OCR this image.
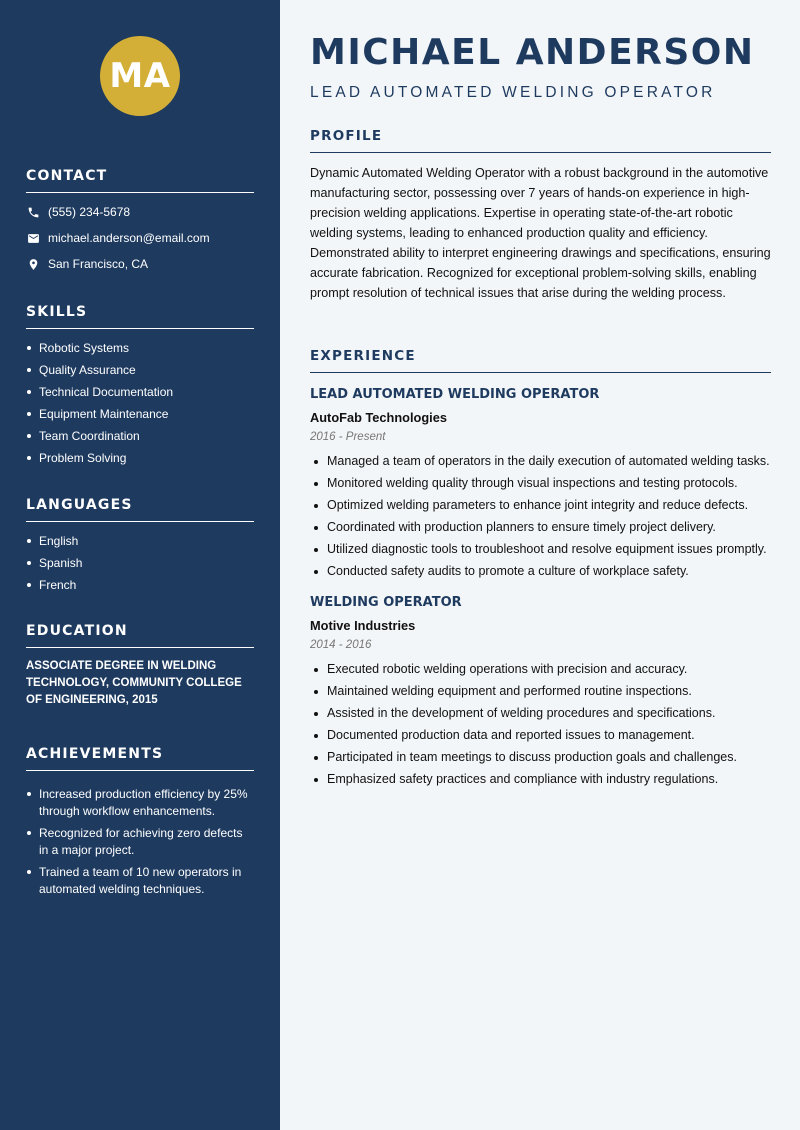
MA
CONTACT
(555) 234-5678
michael.anderson@email.com
San Francisco, CA
SKILLS
Robotic Systems
Quality Assurance
Technical Documentation
Equipment Maintenance
Team Coordination
Problem Solving
LANGUAGES
English
Spanish
French
EDUCATION
ASSOCIATE DEGREE IN WELDING TECHNOLOGY, COMMUNITY COLLEGE OF ENGINEERING, 2015
ACHIEVEMENTS
Increased production efficiency by 25% through workflow enhancements.
Recognized for achieving zero defects in a major project.
Trained a team of 10 new operators in automated welding techniques.
MICHAEL ANDERSON
LEAD AUTOMATED WELDING OPERATOR
PROFILE
Dynamic Automated Welding Operator with a robust background in the automotive manufacturing sector, possessing over 7 years of hands-on experience in high-precision welding applications. Expertise in operating state-of-the-art robotic welding systems, leading to enhanced production quality and efficiency. Demonstrated ability to interpret engineering drawings and specifications, ensuring accurate fabrication. Recognized for exceptional problem-solving skills, enabling prompt resolution of technical issues that arise during the welding process.
EXPERIENCE
LEAD AUTOMATED WELDING OPERATOR
AutoFab Technologies
2016 - Present
Managed a team of operators in the daily execution of automated welding tasks.
Monitored welding quality through visual inspections and testing protocols.
Optimized welding parameters to enhance joint integrity and reduce defects.
Coordinated with production planners to ensure timely project delivery.
Utilized diagnostic tools to troubleshoot and resolve equipment issues promptly.
Conducted safety audits to promote a culture of workplace safety.
WELDING OPERATOR
Motive Industries
2014 - 2016
Executed robotic welding operations with precision and accuracy.
Maintained welding equipment and performed routine inspections.
Assisted in the development of welding procedures and specifications.
Documented production data and reported issues to management.
Participated in team meetings to discuss production goals and challenges.
Emphasized safety practices and compliance with industry regulations.
